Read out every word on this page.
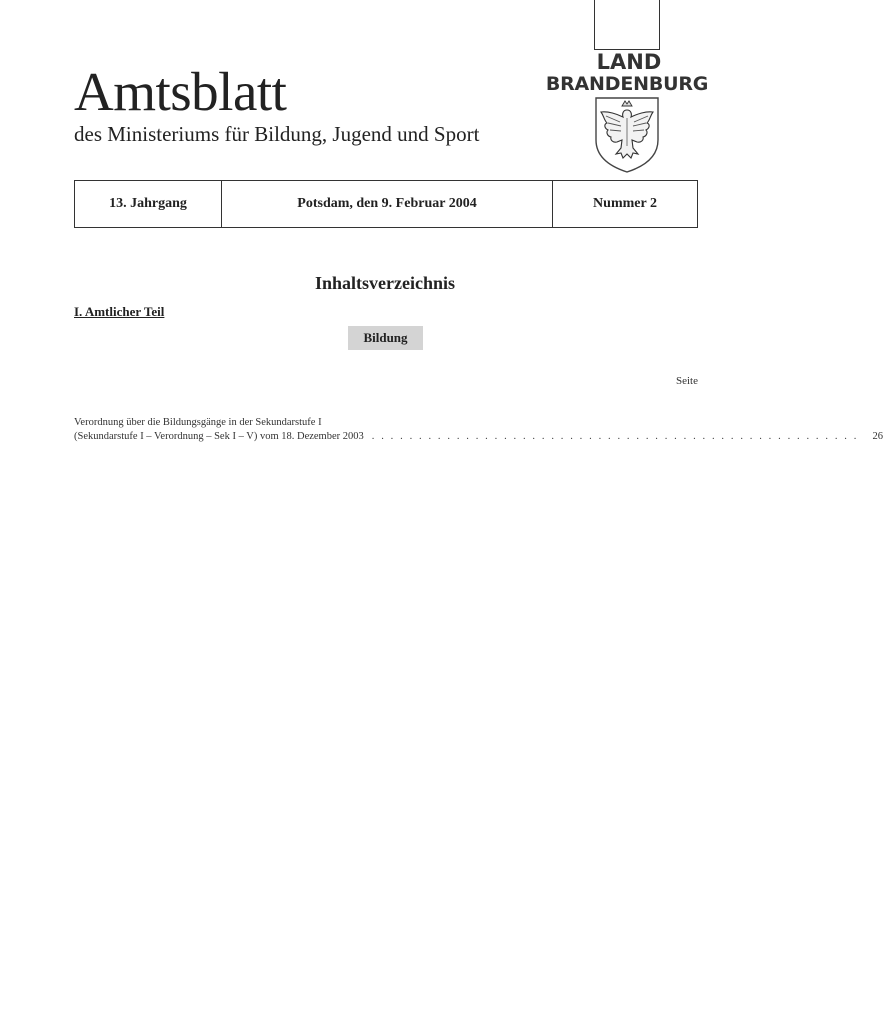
Amtsblatt
des Ministeriums für Bildung, Jugend und Sport
LAND
BRANDENBURG
13. Jahrgang	Potsdam, den 9. Februar 2004	Nummer 2
Inhaltsverzeichnis
I. Amtlicher Teil
Bildung
Seite
Verordnung über die Bildungsgänge in der Sekundarstufe I
(Sekundarstufe I – Verordnung – Sek I – V) vom 18. Dezember 2003 . . . . . . . . . . . . . . . . . . . . . . . . . . . . . . . . . . . . . . . . . . . . . . . . . . . . 26
